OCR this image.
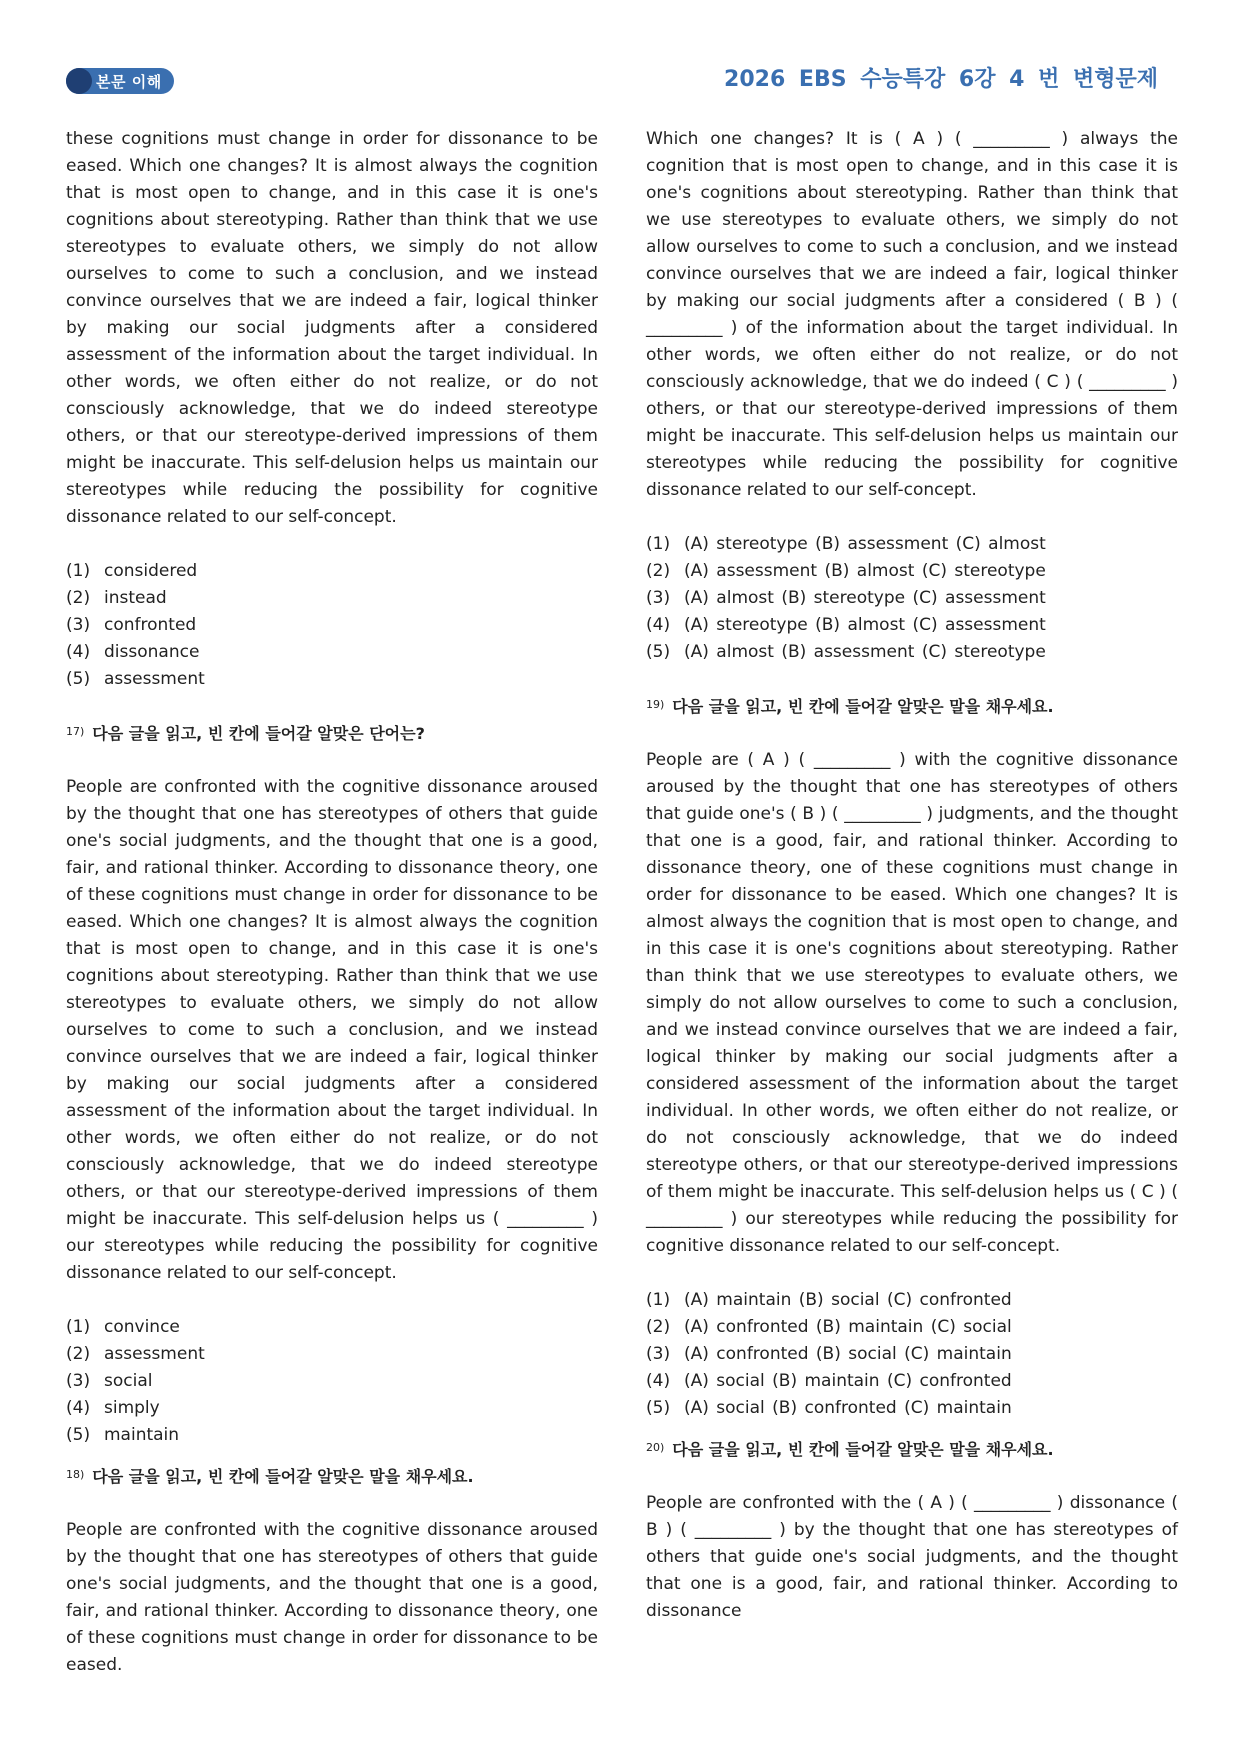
본문 이해	2026 EBS 수능특강 6강 4 번 변형문제

these cognitions must change in order for dissonance to be eased. Which one changes? It is almost always the cognition that is most open to change, and in this case it is one's cognitions about stereotyping. Rather than think that we use stereotypes to evaluate others, we simply do not allow ourselves to come to such a conclusion, and we instead convince ourselves that we are indeed a fair, logical thinker by making our social judgments after a considered assessment of the information about the target individual. In other words, we often either do not realize, or do not consciously acknowledge, that we do indeed stereotype others, or that our stereotype-derived impressions of them might be inaccurate. This self-delusion helps us maintain our stereotypes while reducing the possibility for cognitive dissonance related to our self-concept.

(1) considered
(2) instead
(3) confronted
(4) dissonance
(5) assessment
$^{17)}$ 다음 글을 읽고, 빈 칸에 들어갈 알맞은 단어는?

People are confronted with the cognitive dissonance aroused by the thought that one has stereotypes of others that guide one's social judgments, and the thought that one is a good, fair, and rational thinker. According to dissonance theory, one of these cognitions must change in order for dissonance to be eased. Which one changes? It is almost always the cognition that is most open to change, and in this case it is one's cognitions about stereotyping. Rather than think that we use stereotypes to evaluate others, we simply do not allow ourselves to come to such a conclusion, and we instead convince ourselves that we are indeed a fair, logical thinker by making our social judgments after a considered assessment of the information about the target individual. In other words, we often either do not realize, or do not consciously acknowledge, that we do indeed stereotype others, or that our stereotype-derived impressions of them might be inaccurate. This self-delusion helps us ( _________ ) our stereotypes while reducing the possibility for cognitive dissonance related to our self-concept.

(1) convince
(2) assessment
(3) social
(4) simply
(5) maintain
$^{18)}$ 다음 글을 읽고, 빈 칸에 들어갈 알맞은 말을 채우세요.

People are confronted with the cognitive dissonance aroused by the thought that one has stereotypes of others that guide one's social judgments, and the thought that one is a good, fair, and rational thinker. According to dissonance theory, one of these cognitions must change in order for dissonance to be eased.

Which one changes? It is ( A ) ( _________ ) always the cognition that is most open to change, and in this case it is one's cognitions about stereotyping. Rather than think that we use stereotypes to evaluate others, we simply do not allow ourselves to come to such a conclusion, and we instead convince ourselves that we are indeed a fair, logical thinker by making our social judgments after a considered ( B ) ( _________ ) of the information about the target individual. In other words, we often either do not realize, or do not consciously acknowledge, that we do indeed ( C ) ( _________ ) others, or that our stereotype-derived impressions of them might be inaccurate. This self-delusion helps us maintain our stereotypes while reducing the possibility for cognitive dissonance related to our self-concept.

(1) (A) stereotype (B) assessment (C) almost
(2) (A) assessment (B) almost (C) stereotype
(3) (A) almost (B) stereotype (C) assessment
(4) (A) stereotype (B) almost (C) assessment
(5) (A) almost (B) assessment (C) stereotype
$^{19)}$ 다음 글을 읽고, 빈 칸에 들어갈 알맞은 말을 채우세요.

People are ( A ) ( _________ ) with the cognitive dissonance aroused by the thought that one has stereotypes of others that guide one's ( B ) ( _________ ) judgments, and the thought that one is a good, fair, and rational thinker. According to dissonance theory, one of these cognitions must change in order for dissonance to be eased. Which one changes? It is almost always the cognition that is most open to change, and in this case it is one's cognitions about stereotyping. Rather than think that we use stereotypes to evaluate others, we simply do not allow ourselves to come to such a conclusion, and we instead convince ourselves that we are indeed a fair, logical thinker by making our social judgments after a considered assessment of the information about the target individual. In other words, we often either do not realize, or do not consciously acknowledge, that we do indeed stereotype others, or that our stereotype-derived impressions of them might be inaccurate. This self-delusion helps us ( C ) ( _________ ) our stereotypes while reducing the possibility for cognitive dissonance related to our self-concept.

(1) (A) maintain (B) social (C) confronted
(2) (A) confronted (B) maintain (C) social
(3) (A) confronted (B) social (C) maintain
(4) (A) social (B) maintain (C) confronted
(5) (A) social (B) confronted (C) maintain
$^{20)}$ 다음 글을 읽고, 빈 칸에 들어갈 알맞은 말을 채우세요.

People are confronted with the ( A ) ( _________ ) dissonance ( B ) ( _________ ) by the thought that one has stereotypes of others that guide one's social judgments, and the thought that one is a good, fair, and rational thinker. According to dissonance
